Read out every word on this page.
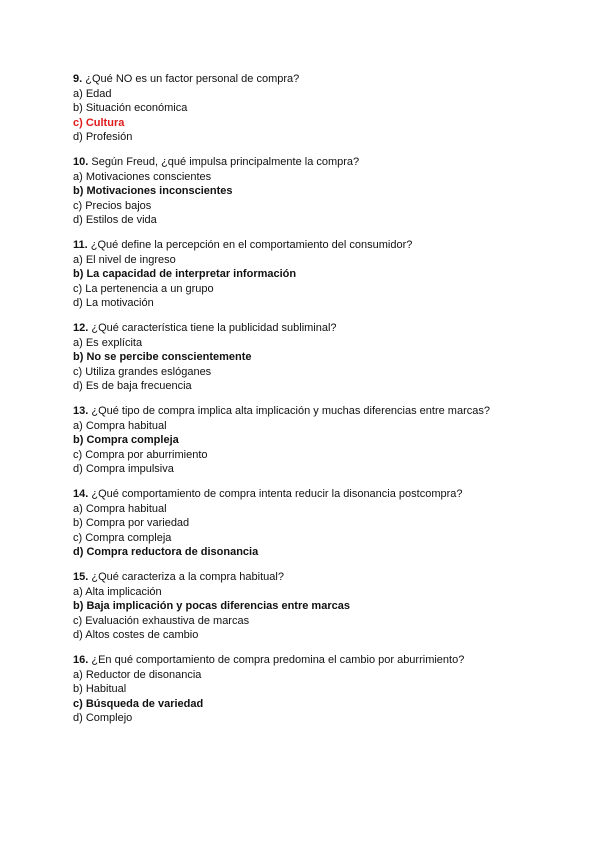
9. ¿Qué NO es un factor personal de compra?
a) Edad
b) Situación económica
c) Cultura
d) Profesión
10. Según Freud, ¿qué impulsa principalmente la compra?
a) Motivaciones conscientes
b) Motivaciones inconscientes
c) Precios bajos
d) Estilos de vida
11. ¿Qué define la percepción en el comportamiento del consumidor?
a) El nivel de ingreso
b) La capacidad de interpretar información
c) La pertenencia a un grupo
d) La motivación
12. ¿Qué característica tiene la publicidad subliminal?
a) Es explícita
b) No se percibe conscientemente
c) Utiliza grandes eslóganes
d) Es de baja frecuencia
13. ¿Qué tipo de compra implica alta implicación y muchas diferencias entre marcas?
a) Compra habitual
b) Compra compleja
c) Compra por aburrimiento
d) Compra impulsiva
14. ¿Qué comportamiento de compra intenta reducir la disonancia postcompra?
a) Compra habitual
b) Compra por variedad
c) Compra compleja
d) Compra reductora de disonancia
15. ¿Qué caracteriza a la compra habitual?
a) Alta implicación
b) Baja implicación y pocas diferencias entre marcas
c) Evaluación exhaustiva de marcas
d) Altos costes de cambio
16. ¿En qué comportamiento de compra predomina el cambio por aburrimiento?
a) Reductor de disonancia
b) Habitual
c) Búsqueda de variedad
d) Complejo
